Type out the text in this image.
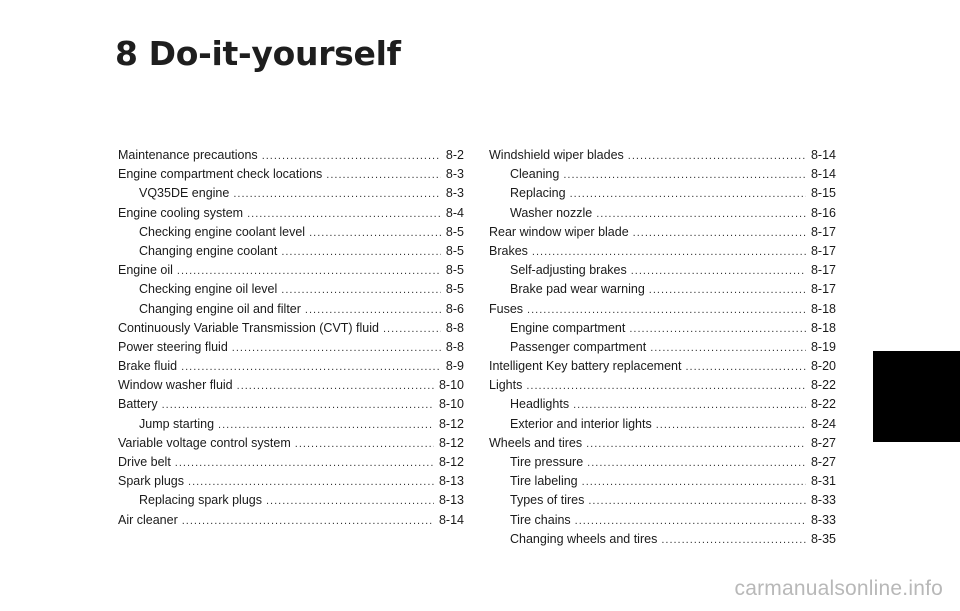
8 Do-it-yourself
Maintenance precautions .....	8-2
Engine compartment check locations .....	8-3
VQ35DE engine .....	8-3
Engine cooling system .....	8-4
Checking engine coolant level .....	8-5
Changing engine coolant .....	8-5
Engine oil .....	8-5
Checking engine oil level .....	8-5
Changing engine oil and filter .....	8-6
Continuously Variable Transmission (CVT) fluid .....	8-8
Power steering fluid .....	8-8
Brake fluid .....	8-9
Window washer fluid .....	8-10
Battery .....	8-10
Jump starting .....	8-12
Variable voltage control system .....	8-12
Drive belt .....	8-12
Spark plugs .....	8-13
Replacing spark plugs .....	8-13
Air cleaner .....	8-14
Windshield wiper blades .....	8-14
Cleaning .....	8-14
Replacing .....	8-15
Washer nozzle .....	8-16
Rear window wiper blade .....	8-17
Brakes .....	8-17
Self-adjusting brakes .....	8-17
Brake pad wear warning .....	8-17
Fuses .....	8-18
Engine compartment .....	8-18
Passenger compartment .....	8-19
Intelligent Key battery replacement .....	8-20
Lights .....	8-22
Headlights .....	8-22
Exterior and interior lights .....	8-24
Wheels and tires .....	8-27
Tire pressure .....	8-27
Tire labeling .....	8-31
Types of tires .....	8-33
Tire chains .....	8-33
Changing wheels and tires .....	8-35
carmanualsonline.info
